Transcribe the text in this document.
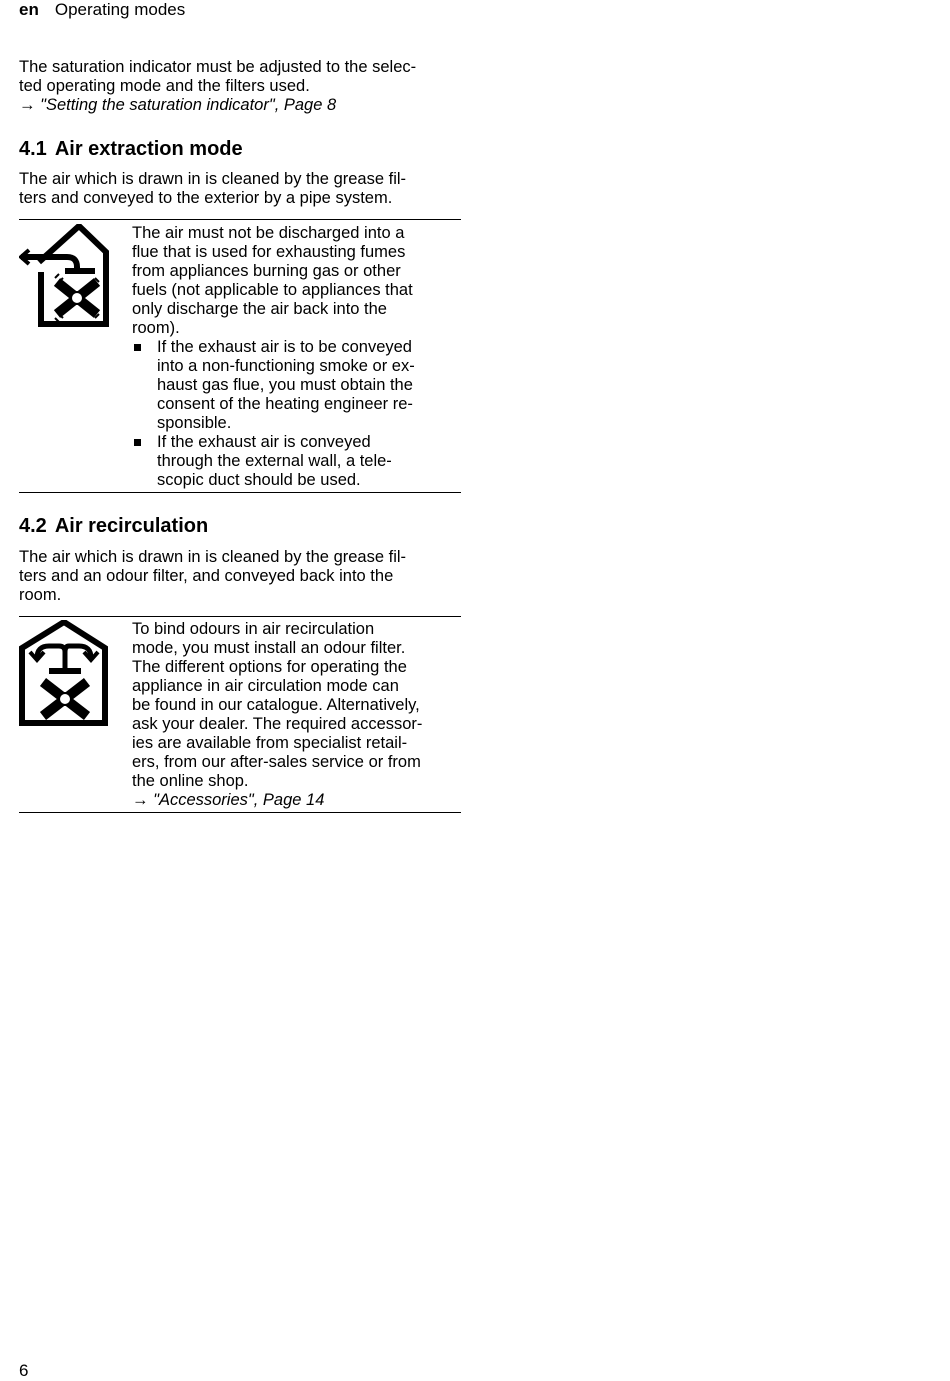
en Operating modes

The saturation indicator must be adjusted to the selec-

ted operating mode and the filters used.

→ "Setting the saturation indicator", Page 8

4.1 Air extraction mode

The air which is drawn in is cleaned by the grease fil-

ters and conveyed to the exterior by a pipe system.

The air must not be discharged into a

flue that is used for exhausting fumes

from appliances burning gas or other

fuels (not applicable to appliances that

only discharge the air back into the

room).

If the exhaust air is to be conveyed

into a non-functioning smoke or ex-

haust gas flue, you must obtain the

consent of the heating engineer re-

sponsible.

If the exhaust air is conveyed

through the external wall, a tele-

scopic duct should be used.

4.2 Air recirculation

The air which is drawn in is cleaned by the grease fil-

ters and an odour filter, and conveyed back into the

room.

To bind odours in air recirculation

mode, you must install an odour filter.

The different options for operating the

appliance in air circulation mode can

be found in our catalogue. Alternatively,

ask your dealer. The required accessor-

ies are available from specialist retail-

ers, from our after-sales service or from

the online shop.

→ "Accessories", Page 14

6
